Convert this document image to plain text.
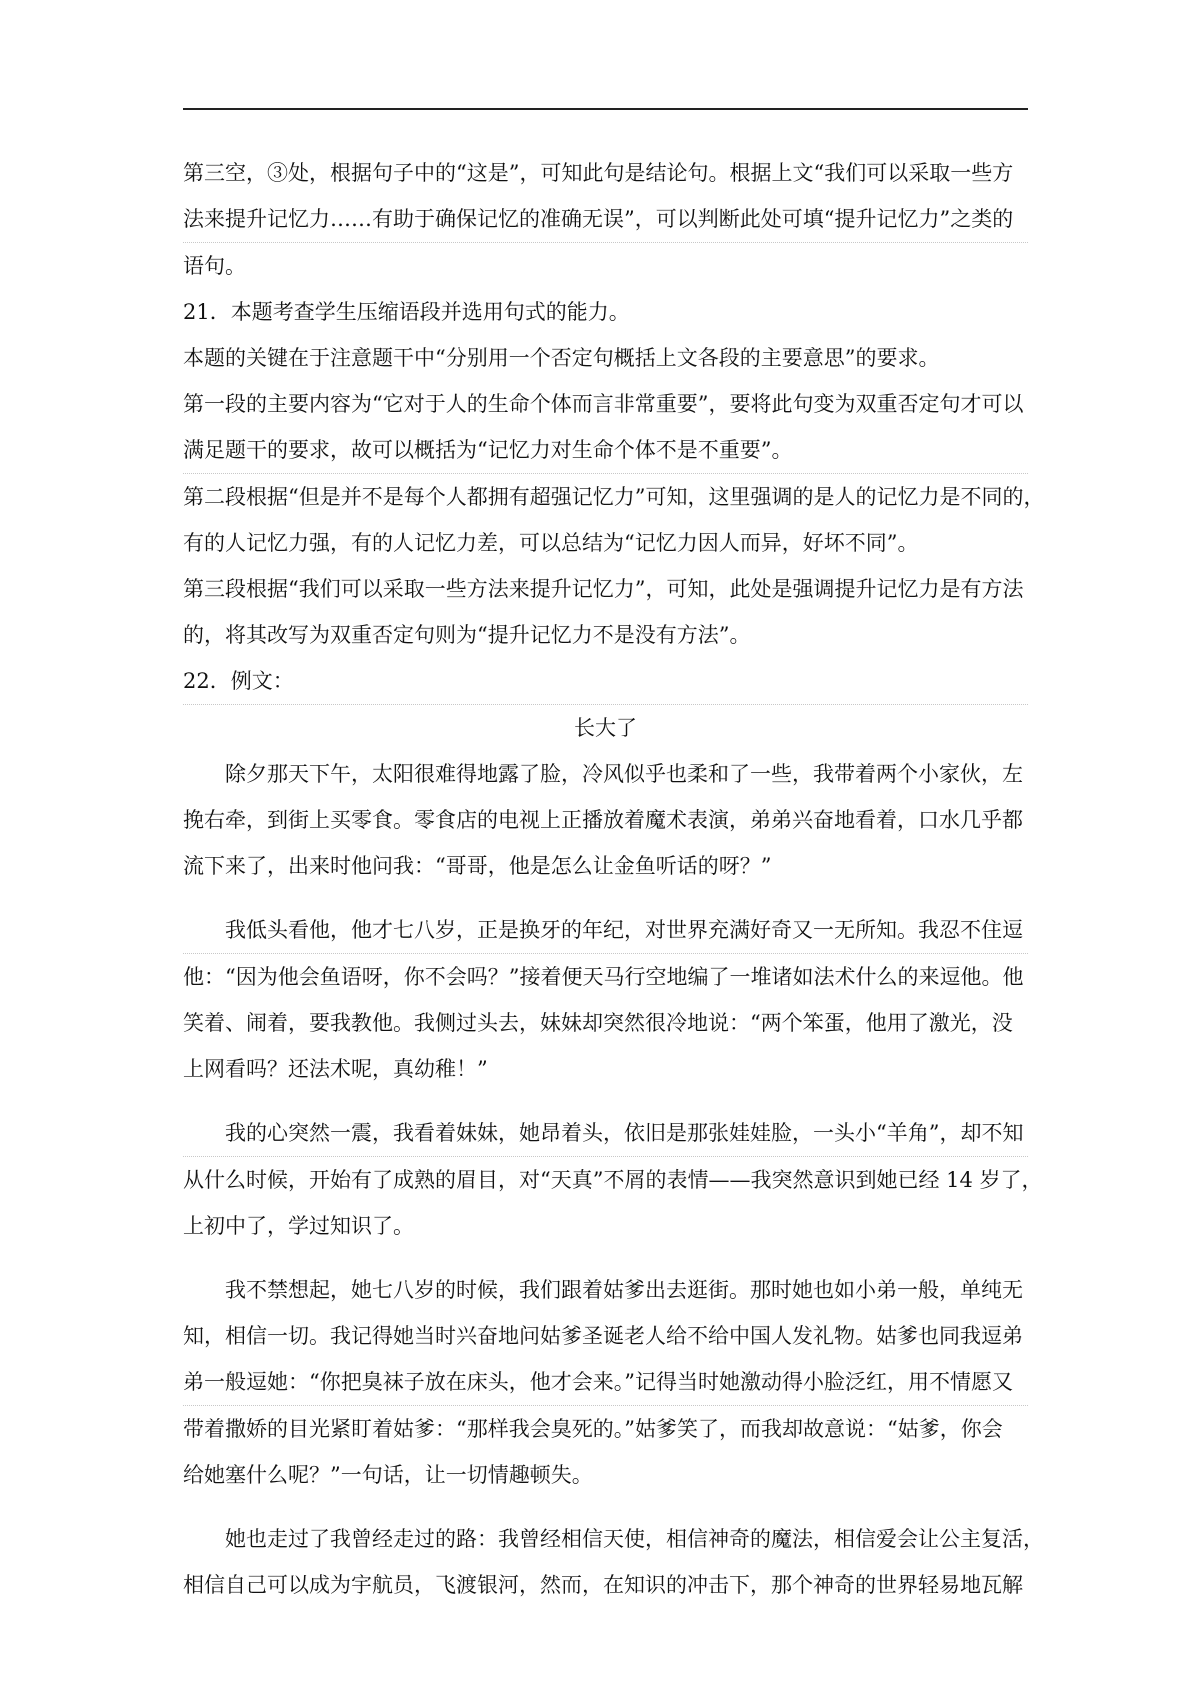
第三空，③处，根据句子中的“这是”，可知此句是结论句。根据上文“我们可以采取一些方
法来提升记忆力……有助于确保记忆的准确无误”，可以判断此处可填“提升记忆力”之类的
语句。
21．本题考查学生压缩语段并选用句式的能力。
本题的关键在于注意题干中“分别用一个否定句概括上文各段的主要意思”的要求。
第一段的主要内容为“它对于人的生命个体而言非常重要”，要将此句变为双重否定句才可以
满足题干的要求，故可以概括为“记忆力对生命个体不是不重要”。
第二段根据“但是并不是每个人都拥有超强记忆力”可知，这里强调的是人的记忆力是不同的，
有的人记忆力强，有的人记忆力差，可以总结为“记忆力因人而异，好坏不同”。
第三段根据“我们可以采取一些方法来提升记忆力”，可知，此处是强调提升记忆力是有方法
的，将其改写为双重否定句则为“提升记忆力不是没有方法”。
22．例文：
长大了
除夕那天下午，太阳很难得地露了脸，冷风似乎也柔和了一些，我带着两个小家伙，左
挽右牵，到街上买零食。零食店的电视上正播放着魔术表演，弟弟兴奋地看着，口水几乎都
流下来了，出来时他问我：“哥哥，他是怎么让金鱼听话的呀？”
我低头看他，他才七八岁，正是换牙的年纪，对世界充满好奇又一无所知。我忍不住逗
他：“因为他会鱼语呀，你不会吗？”接着便天马行空地编了一堆诸如法术什么的来逗他。他
笑着、闹着，要我教他。我侧过头去，妹妹却突然很冷地说：“两个笨蛋，他用了激光，没
上网看吗？还法术呢，真幼稚！”
我的心突然一震，我看着妹妹，她昂着头，依旧是那张娃娃脸，一头小“羊角”，却不知
从什么时候，开始有了成熟的眉目，对“天真”不屑的表情——我突然意识到她已经 14 岁了，
上初中了，学过知识了。
我不禁想起，她七八岁的时候，我们跟着姑爹出去逛街。那时她也如小弟一般，单纯无
知，相信一切。我记得她当时兴奋地问姑爹圣诞老人给不给中国人发礼物。姑爹也同我逗弟
弟一般逗她：“你把臭袜子放在床头，他才会来。”记得当时她激动得小脸泛红，用不情愿又
带着撒娇的目光紧盯着姑爹：“那样我会臭死的。”姑爹笑了，而我却故意说：“姑爹，你会
给她塞什么呢？”一句话，让一切情趣顿失。
她也走过了我曾经走过的路：我曾经相信天使，相信神奇的魔法，相信爱会让公主复活，
相信自己可以成为宇航员，飞渡银河，然而，在知识的冲击下，那个神奇的世界轻易地瓦解
